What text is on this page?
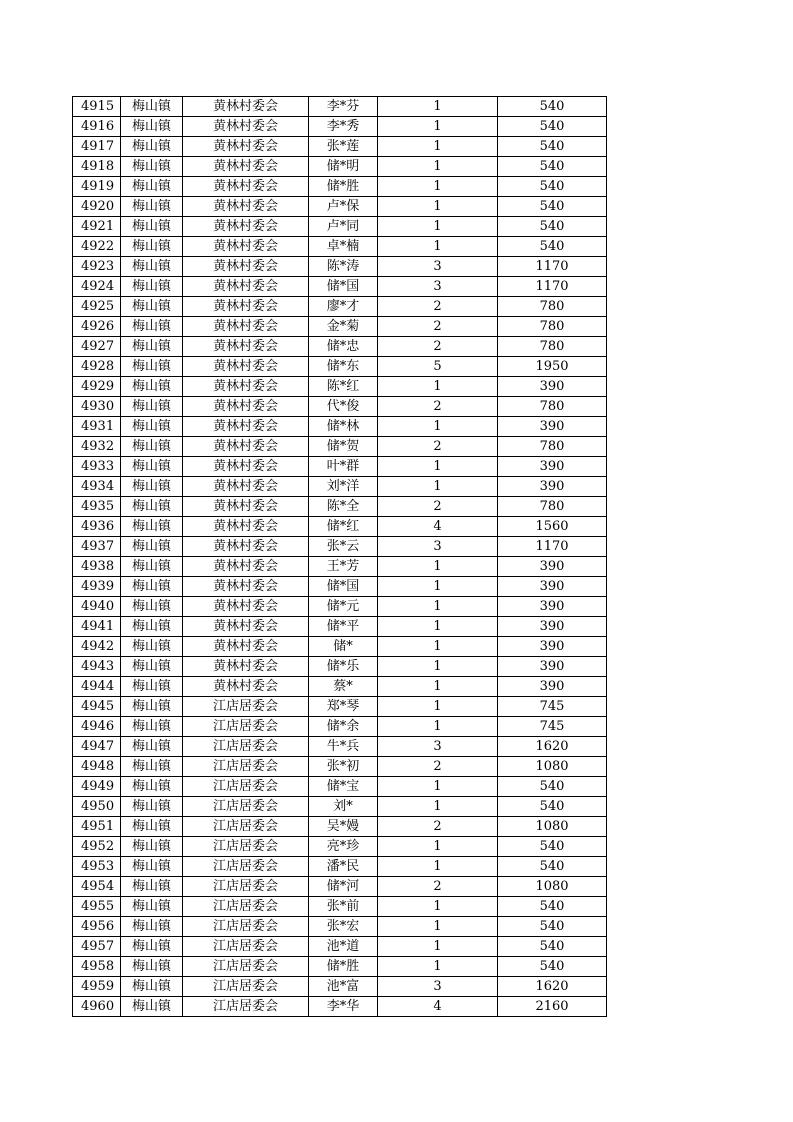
4915	梅山镇	黄林村委会	李*芬	1	540
4916	梅山镇	黄林村委会	李*秀	1	540
4917	梅山镇	黄林村委会	张*莲	1	540
4918	梅山镇	黄林村委会	储*明	1	540
4919	梅山镇	黄林村委会	储*胜	1	540
4920	梅山镇	黄林村委会	卢*保	1	540
4921	梅山镇	黄林村委会	卢*同	1	540
4922	梅山镇	黄林村委会	卓*楠	1	540
4923	梅山镇	黄林村委会	陈*涛	3	1170
4924	梅山镇	黄林村委会	储*国	3	1170
4925	梅山镇	黄林村委会	廖*才	2	780
4926	梅山镇	黄林村委会	金*菊	2	780
4927	梅山镇	黄林村委会	储*忠	2	780
4928	梅山镇	黄林村委会	储*东	5	1950
4929	梅山镇	黄林村委会	陈*红	1	390
4930	梅山镇	黄林村委会	代*俊	2	780
4931	梅山镇	黄林村委会	储*林	1	390
4932	梅山镇	黄林村委会	储*贺	2	780
4933	梅山镇	黄林村委会	叶*群	1	390
4934	梅山镇	黄林村委会	刘*洋	1	390
4935	梅山镇	黄林村委会	陈*全	2	780
4936	梅山镇	黄林村委会	储*红	4	1560
4937	梅山镇	黄林村委会	张*云	3	1170
4938	梅山镇	黄林村委会	王*芳	1	390
4939	梅山镇	黄林村委会	储*国	1	390
4940	梅山镇	黄林村委会	储*元	1	390
4941	梅山镇	黄林村委会	储*平	1	390
4942	梅山镇	黄林村委会	储*	1	390
4943	梅山镇	黄林村委会	储*乐	1	390
4944	梅山镇	黄林村委会	蔡*	1	390
4945	梅山镇	江店居委会	郑*琴	1	745
4946	梅山镇	江店居委会	储*余	1	745
4947	梅山镇	江店居委会	牛*兵	3	1620
4948	梅山镇	江店居委会	张*初	2	1080
4949	梅山镇	江店居委会	储*宝	1	540
4950	梅山镇	江店居委会	刘*	1	540
4951	梅山镇	江店居委会	吴*嫚	2	1080
4952	梅山镇	江店居委会	亮*珍	1	540
4953	梅山镇	江店居委会	潘*民	1	540
4954	梅山镇	江店居委会	储*河	2	1080
4955	梅山镇	江店居委会	张*前	1	540
4956	梅山镇	江店居委会	张*宏	1	540
4957	梅山镇	江店居委会	池*道	1	540
4958	梅山镇	江店居委会	储*胜	1	540
4959	梅山镇	江店居委会	池*富	3	1620
4960	梅山镇	江店居委会	李*华	4	2160
